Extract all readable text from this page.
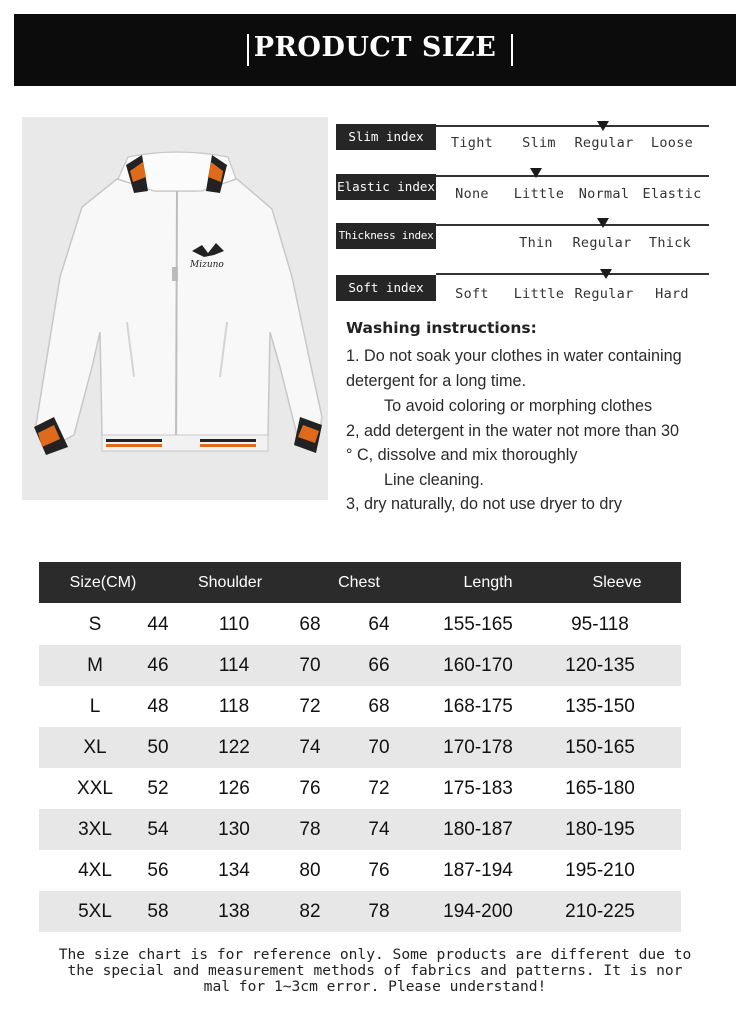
PRODUCT SIZE
Mizuno
Slim index	Tight Slim Regular Loose
Elastic index None Little Normal Elastic
Thickness index	Thin Regular Thick
Soft index	Soft Little Regular Hard
Washing instructions:
1. Do not soak your clothes in water containing
detergent for a long time.
To avoid coloring or morphing clothes
2, add detergent in the water not more than 30
° C, dissolve and mix thoroughly
Line cleaning.
3, dry naturally, do not use dryer to dry
Size(CM)	Shoulder	Chest	Length	Sleeve
S 44	110	68	64	155-165	95-118
M 46	114	70	66	160-170	120-135
L 48	118	72	68	168-175	135-150
XL 50	122	74	70	170-178	150-165
XXL 52	126	76	72	175-183	165-180
3XL 54	130	78	74	180-187	180-195
4XL 56	134	80	76	187-194	195-210
5XL 58	138	82	78	194-200	210-225
The size chart is for reference only. Some products are different due to
the special and measurement methods of fabrics and patterns. It is nor
mal for 1~3cm error. Please understand!
